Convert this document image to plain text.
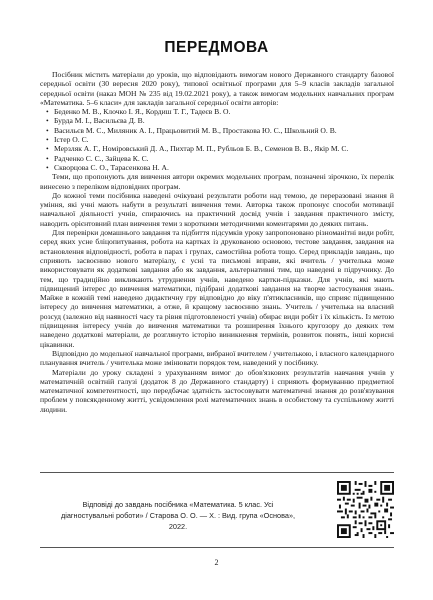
ПЕРЕДМОВА

Посібник містить матеріали до уроків, що відповідають вимогам нового Державного стандарту базової середньої освіти (30 вересня 2020 року), типової освітньої програми для 5–9 класів закладів загальної середньої освіти (наказ МОН № 235 від 19.02.2021 року), а також вимогам модельних навчальних програм «Математика. 5–6 класи» для закладів загальної середньої освіти авторів:

• Беденко М. В., Клочко І. Я., Кордиш Т. Г., Тадеєв В. О.
• Бурда М. І., Васильєва Д. В.
• Васильєв М. С., Миляник А. І., Працьовитий М. В., Простакова Ю. С., Школьний О. В.
• Істер О. С.
• Мерзляк А. Г., Номіровський Д. А., Пихтар М. П., Рубльов Б. В., Семенов В. В., Якір М. С.
• Радченко С. С., Зайцева К. С.
• Скворцова С. О., Тарасенкова Н. А.

Теми, що пропонують для вивчення автори окремих модельних програм, позначені зірочкою, їх перелік винесено з переліком відповідних програм.

До кожної теми посібника наведені очікувані результати роботи над темою, де переразовані знання й уміння, які учні мають набути в результаті вивчення теми. Авторка також пропонує способи мотивації навчальної діяльності учнів, спираючись на практичний досвід учнів і завдання практичного змісту, наводить орієнтовний план вивчення теми з короткими методичними коментарями до деяких питань.

Для перевірки домашнього завдання та підбиття підсумків уроку запропоновано різноманітні види робіт, серед яких усне бліцопитування, робота на картках із друкованою основою, тестове завдання, завдання на встановлення відповідності, робота в парах і групах, самостійна робота тощо. Серед прикладів завдань, що сприяють засвоєнню нового матеріалу, є усні та письмові вправи, які вчитель / учителька може використовувати як додаткові завдання або як завдання, альтернативні тим, що наведені в підручнику. До тем, що традиційно викликають утруднення учнів, наведено картки-підказки. Для учнів, які мають підвищений інтерес до вивчення математики, підібрані додаткові завдання на творче застосування знань. Майже в кожній темі наведено дидактичну гру відповідно до віку п'ятикласників, що сприяє підвищенню інтересу до вивчення математики, а отже, й кращому засвоєнню знань. Учитель / учителька на власний розсуд (залежно від наявності часу та рівня підготовленості учнів) обирає види робіт і їх кількість. Із метою підвищення інтересу учнів до вивчення математики та розширення їхнього кругозору до деяких тем наведено додаткові матеріали, де розглянуто історію виникнення термінів, розвиток понять, інші корисні цікавинки.

Відповідно до модельної навчальної програми, вибраної вчителем / учителькою, і власного календарного планування вчитель / учителька може змінювати порядок тем, наведений у посібнику.

Матеріали до уроку складені з урахуванням вимог до обов'язкових результатів навчання учнів у математичній освітній галузі (додаток 8 до Державного стандарту) і сприяють формуванню предметної математичної компетентності, що передбачає здатність застосовувати математичні знання до розв'язування проблем у повсякденному житті, усвідомлення ролі математичних знань в особистому та суспільному житті людини.

Відповіді до завдань посібника «Математика. 5 клас. Усі діагностувальні роботи» / Старова О. О. — Х. : Вид. група «Основа», 2022.
2
